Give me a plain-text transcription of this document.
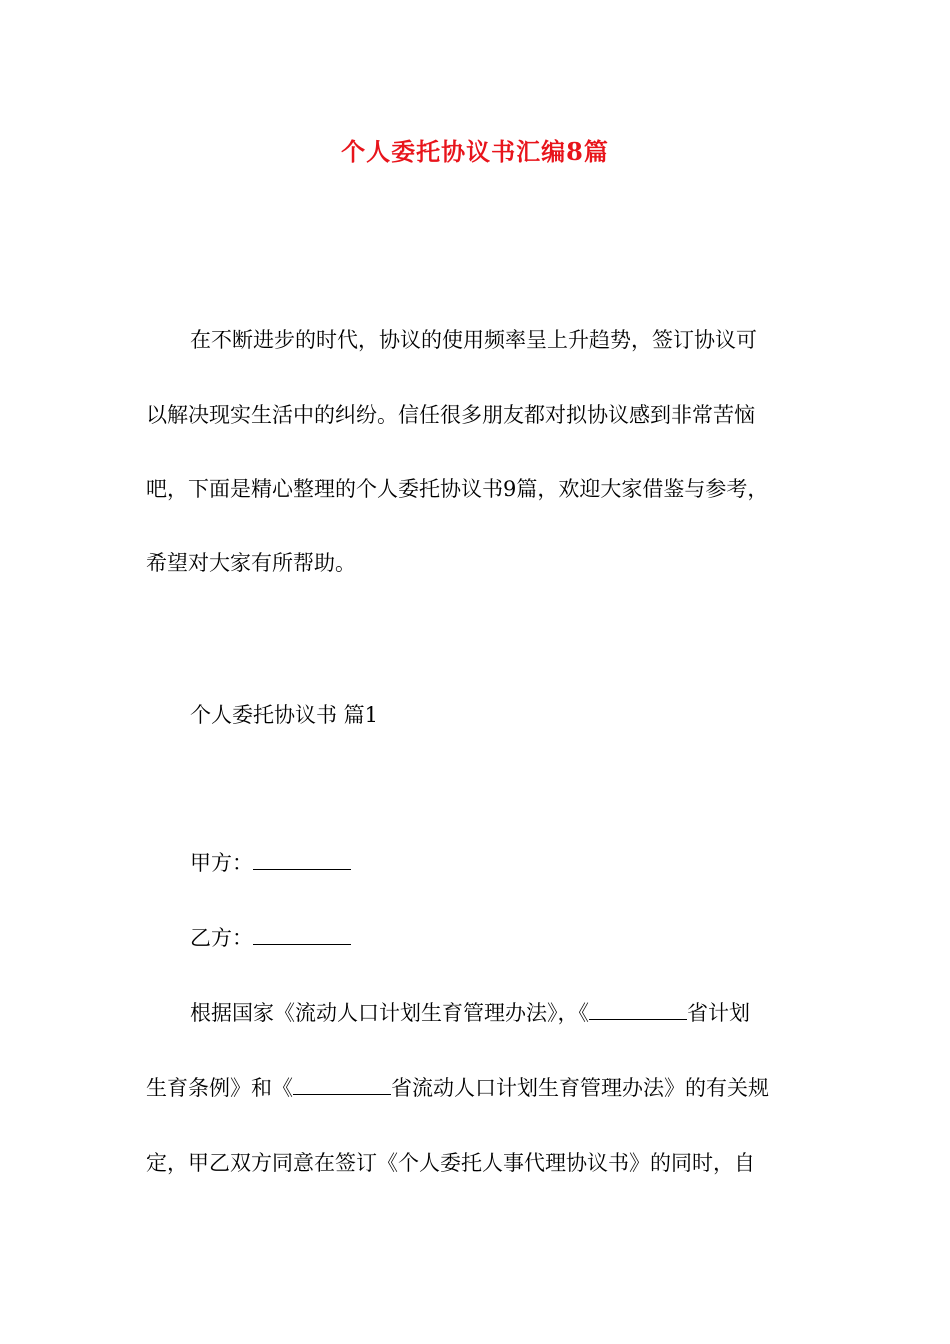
个人委托协议书汇编8篇
在不断进步的时代，协议的使用频率呈上升趋势，签订协议可
以解决现实生活中的纠纷。信任很多朋友都对拟协议感到非常苦恼
吧，下面是精心整理的个人委托协议书9篇，欢迎大家借鉴与参考，
希望对大家有所帮助。
个人委托协议书 篇1
甲方：
乙方：
根据国家《流动人口计划生育管理办法》，《	省计划
生育条例》和《	省流动人口计划生育管理办法》的有关规
定，甲乙双方同意在签订《个人委托人事代理协议书》的同时，自
